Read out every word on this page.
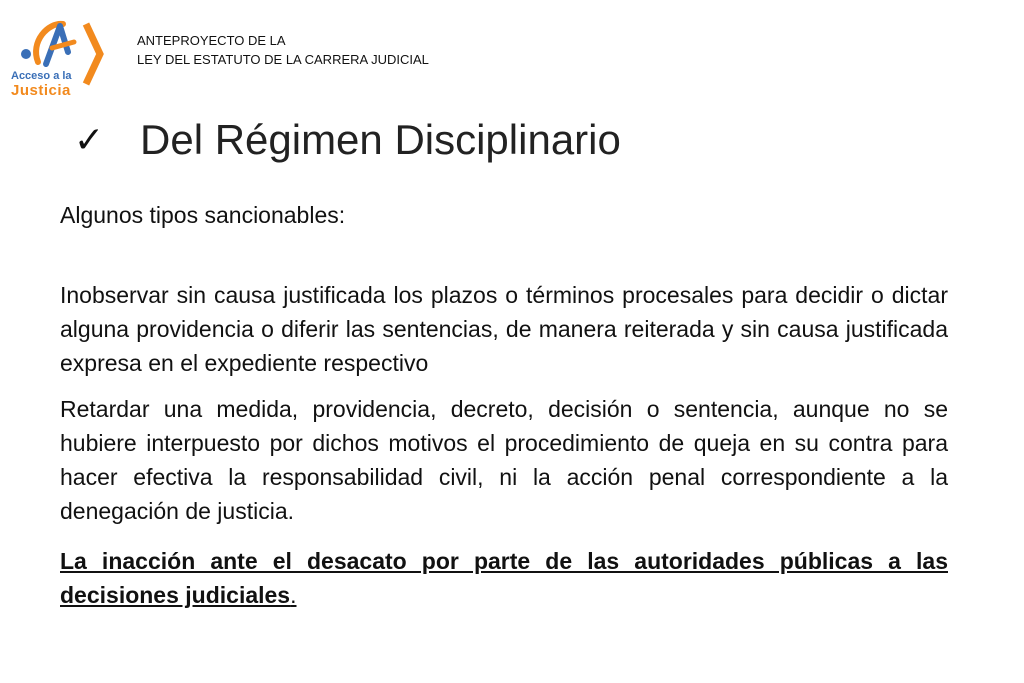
Acceso a la
Justicia
ANTEPROYECTO DE LA
LEY DEL ESTATUTO DE LA CARRERA JUDICIAL
✓ Del Régimen Disciplinario

Algunos tipos sancionables:

Inobservar sin causa justificada los plazos o términos procesales para decidir o dictar alguna providencia o diferir las sentencias, de manera reiterada y sin causa justificada expresa en el expediente respectivo

Retardar una medida, providencia, decreto, decisión o sentencia, aunque no se hubiere interpuesto por dichos motivos el procedimiento de queja en su contra para hacer efectiva la responsabilidad civil, ni la acción penal correspondiente a la denegación de justicia.

La inacción ante el desacato por parte de las autoridades públicas a las decisiones judiciales.
